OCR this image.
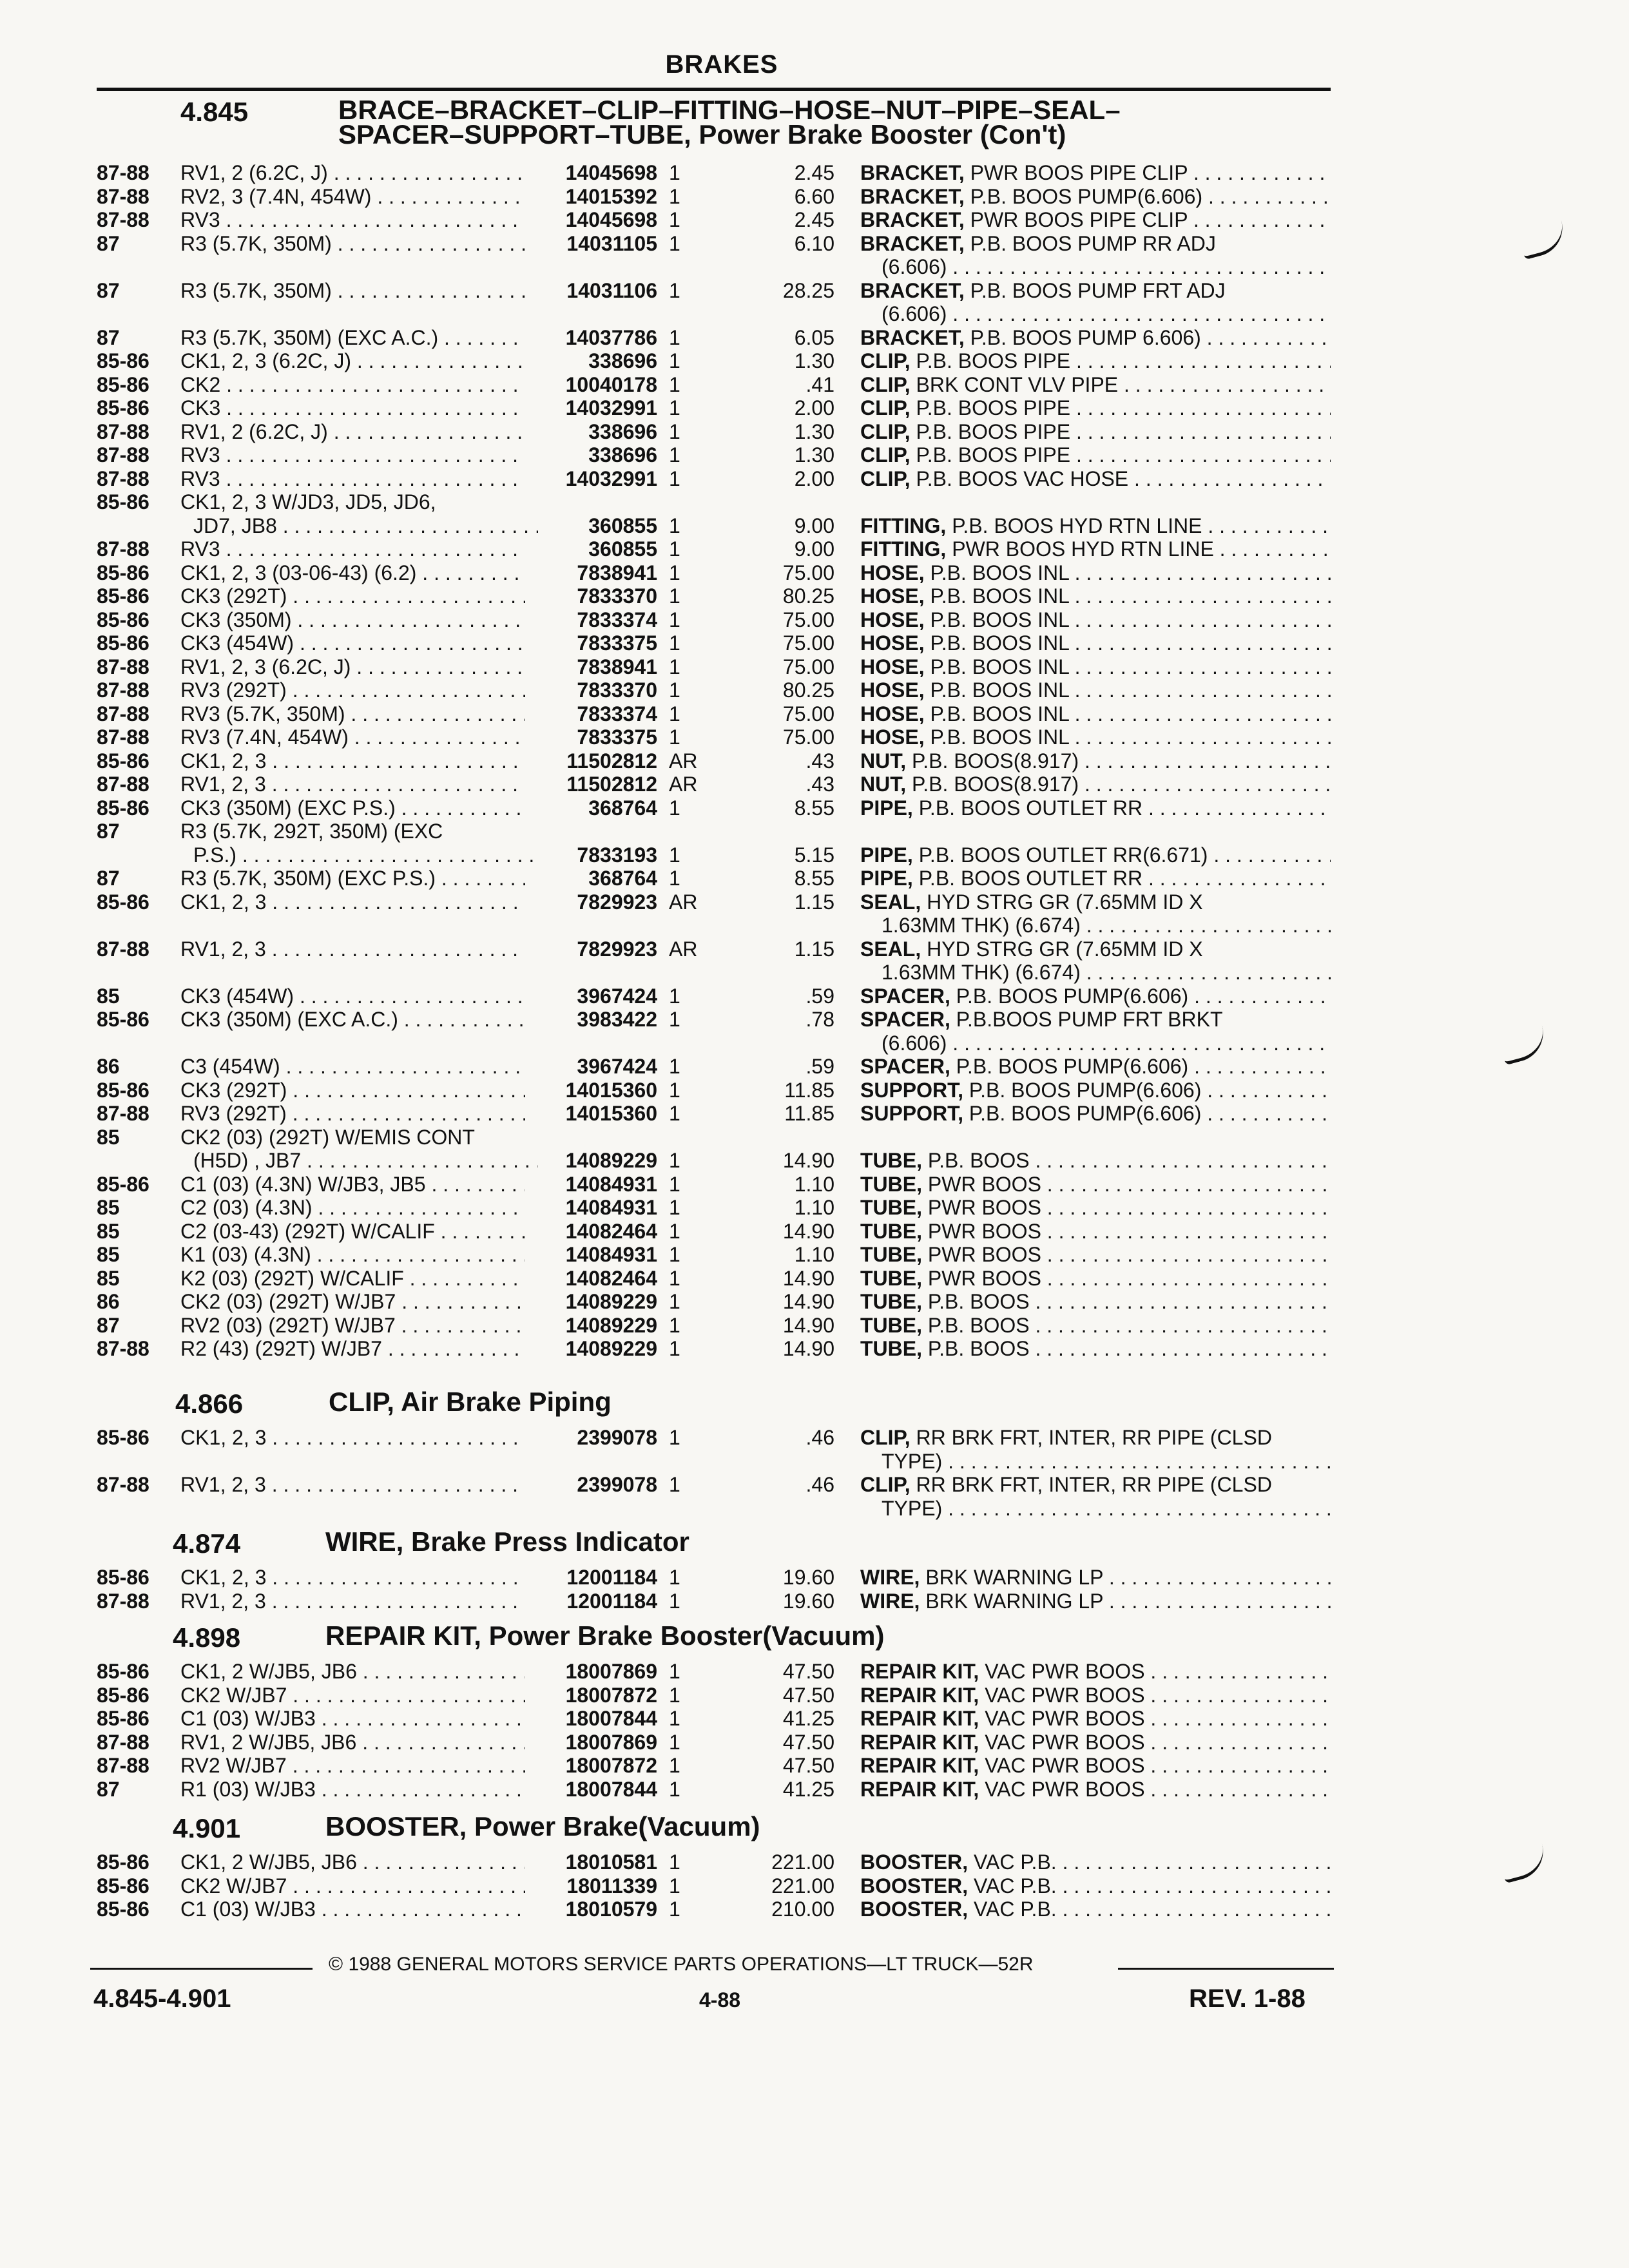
BRAKES
4.845	BRACE–BRACKET–CLIP–FITTING–HOSE–NUT–PIPE–SEAL–
SPACER–SUPPORT–TUBE, Power Brake Booster (Con't)
87-88 RV1, 2 (6.2C, J) . . .	14045698 1	2.45 BRACKET, PWR BOOS PIPE CLIP . . .
87-88 RV2, 3 (7.4N, 454W) . . .	14015392 1	6.60 BRACKET, P.B. BOOS PUMP(6.606) . . .
87-88 RV3 . . .	14045698 1	2.45 BRACKET, PWR BOOS PIPE CLIP . . .
87	R3 (5.7K, 350M) . . .	14031105 1	6.10 BRACKET, P.B. BOOS PUMP RR ADJ
(6.606) . . .
87	R3 (5.7K, 350M) . . .	14031106 1	28.25 BRACKET, P.B. BOOS PUMP FRT ADJ
(6.606) . . .
87	R3 (5.7K, 350M) (EXC A.C.) . . .	14037786 1	6.05 BRACKET, P.B. BOOS PUMP 6.606) . . .
85-86 CK1, 2, 3 (6.2C, J) . . .	338696 1	1.30 CLIP, P.B. BOOS PIPE . . .
85-86 CK2 . . .	10040178 1	.41 CLIP, BRK CONT VLV PIPE . . .
85-86 CK3 . . .	14032991 1	2.00 CLIP, P.B. BOOS PIPE . . .
87-88 RV1, 2 (6.2C, J) . . .	338696 1	1.30 CLIP, P.B. BOOS PIPE . . .
87-88 RV3 . . .	338696 1	1.30 CLIP, P.B. BOOS PIPE . . .
87-88 RV3 . . .	14032991 1	2.00 CLIP, P.B. BOOS VAC HOSE . . .
85-86 CK1, 2, 3 W/JD3, JD5, JD6,
JD7, JB8 . . .	360855 1	9.00 FITTING, P.B. BOOS HYD RTN LINE . . .
87-88 RV3 . . .	360855 1	9.00 FITTING, PWR BOOS HYD RTN LINE . . .
85-86 CK1, 2, 3 (03-06-43) (6.2) . . .	7838941 1	75.00 HOSE, P.B. BOOS INL . . .
85-86 CK3 (292T) . . .	7833370 1	80.25 HOSE, P.B. BOOS INL . . .
85-86 CK3 (350M) . . .	7833374 1	75.00 HOSE, P.B. BOOS INL . . .
85-86 CK3 (454W) . . .	7833375 1	75.00 HOSE, P.B. BOOS INL . . .
87-88 RV1, 2, 3 (6.2C, J) . . .	7838941 1	75.00 HOSE, P.B. BOOS INL . . .
87-88 RV3 (292T) . . .	7833370 1	80.25 HOSE, P.B. BOOS INL . . .
87-88 RV3 (5.7K, 350M) . . .	7833374 1	75.00 HOSE, P.B. BOOS INL . . .
87-88 RV3 (7.4N, 454W) . . .	7833375 1	75.00 HOSE, P.B. BOOS INL . . .
85-86 CK1, 2, 3 . . .	11502812 AR	.43 NUT, P.B. BOOS(8.917) . . .
87-88 RV1, 2, 3 . . .	11502812 AR	.43 NUT, P.B. BOOS(8.917) . . .
85-86 CK3 (350M) (EXC P.S.) . . .	368764 1	8.55 PIPE, P.B. BOOS OUTLET RR . . .
87	R3 (5.7K, 292T, 350M) (EXC
P.S.) . . .	7833193 1	5.15 PIPE, P.B. BOOS OUTLET RR(6.671) . . .
87	R3 (5.7K, 350M) (EXC P.S.) . . .	368764 1	8.55 PIPE, P.B. BOOS OUTLET RR . . .
85-86 CK1, 2, 3 . . .	7829923 AR	1.15 SEAL, HYD STRG GR (7.65MM ID X
1.63MM THK) (6.674) . . .
87-88 RV1, 2, 3 . . .	7829923 AR	1.15 SEAL, HYD STRG GR (7.65MM ID X
1.63MM THK) (6.674) . . .
85	CK3 (454W) . . .	3967424 1	.59 SPACER, P.B. BOOS PUMP(6.606) . . .
85-86 CK3 (350M) (EXC A.C.) . . .	3983422 1	.78 SPACER, P.B.BOOS PUMP FRT BRKT
(6.606) . . .
86	C3 (454W) . . .	3967424 1	.59 SPACER, P.B. BOOS PUMP(6.606) . . .
85-86 CK3 (292T) . . .	14015360 1	11.85 SUPPORT, P.B. BOOS PUMP(6.606) . . .
87-88 RV3 (292T) . . .	14015360 1	11.85 SUPPORT, P.B. BOOS PUMP(6.606) . . .
85	CK2 (03) (292T) W/EMIS CONT
(H5D) , JB7 . . .	14089229 1	14.90 TUBE, P.B. BOOS . . .
85-86 C1 (03) (4.3N) W/JB3, JB5 . . .	14084931 1	1.10 TUBE, PWR BOOS . . .
85	C2 (03) (4.3N) . . .	14084931 1	1.10 TUBE, PWR BOOS . . .
85	C2 (03-43) (292T) W/CALIF . . .	14082464 1	14.90 TUBE, PWR BOOS . . .
85	K1 (03) (4.3N) . . .	14084931 1	1.10 TUBE, PWR BOOS . . .
85	K2 (03) (292T) W/CALIF . . .	14082464 1	14.90 TUBE, PWR BOOS . . .
86	CK2 (03) (292T) W/JB7 . . .	14089229 1	14.90 TUBE, P.B. BOOS . . .
87	RV2 (03) (292T) W/JB7 . . .	14089229 1	14.90 TUBE, P.B. BOOS . . .
87-88 R2 (43) (292T) W/JB7 . . .	14089229 1	14.90 TUBE, P.B. BOOS . . .
4.866	CLIP, Air Brake Piping
85-86 CK1, 2, 3 . . .	2399078 1	.46 CLIP, RR BRK FRT, INTER, RR PIPE (CLSD
TYPE) . . .
87-88 RV1, 2, 3 . . .	2399078 1	.46 CLIP, RR BRK FRT, INTER, RR PIPE (CLSD
TYPE) . . .
4.874	WIRE, Brake Press Indicator
85-86 CK1, 2, 3 . . .	12001184 1	19.60 WIRE, BRK WARNING LP . . .
87-88 RV1, 2, 3 . . .	12001184 1	19.60 WIRE, BRK WARNING LP . . .
4.898	REPAIR KIT, Power Brake Booster(Vacuum)
85-86 CK1, 2 W/JB5, JB6 . . .	18007869 1	47.50 REPAIR KIT, VAC PWR BOOS . . .
85-86 CK2 W/JB7 . . .	18007872 1	47.50 REPAIR KIT, VAC PWR BOOS . . .
85-86 C1 (03) W/JB3 . . .	18007844 1	41.25 REPAIR KIT, VAC PWR BOOS . . .
87-88 RV1, 2 W/JB5, JB6 . . .	18007869 1	47.50 REPAIR KIT, VAC PWR BOOS . . .
87-88 RV2 W/JB7 . . .	18007872 1	47.50 REPAIR KIT, VAC PWR BOOS . . .
87	R1 (03) W/JB3 . . .	18007844 1	41.25 REPAIR KIT, VAC PWR BOOS . . .
4.901	BOOSTER, Power Brake(Vacuum)
85-86 CK1, 2 W/JB5, JB6 . . .	18010581 1	221.00 BOOSTER, VAC P.B. . . .
85-86 CK2 W/JB7 . . .	18011339 1	221.00 BOOSTER, VAC P.B. . . .
85-86 C1 (03) W/JB3 . . .	18010579 1	210.00 BOOSTER, VAC P.B. . . .
© 1988 GENERAL MOTORS SERVICE PARTS OPERATIONS—LT TRUCK—52R
4.845-4.901	4-88	REV. 1-88
